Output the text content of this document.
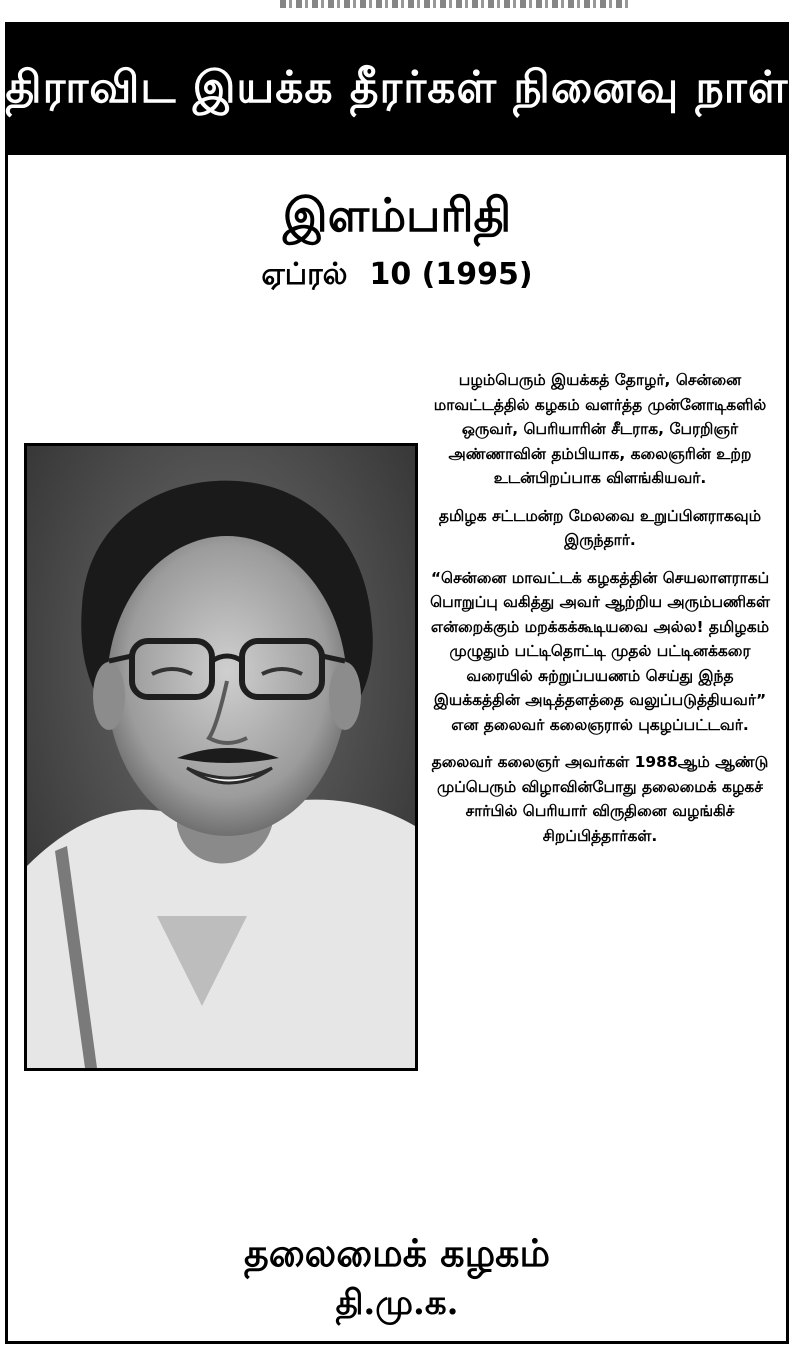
திராவிட இயக்க தீரர்கள் நினைவு நாள்
இளம்பரிதி
ஏப்ரல் 10 (1995)

பழம்பெரும் இயக்கத் தோழர், சென்னை மாவட்டத்தில் கழகம் வளர்த்த முன்னோடிகளில் ஒருவர், பெரியாரின் சீடராக, பேரறிஞர் அண்ணாவின் தம்பியாக, கலைஞரின் உற்ற உடன்பிறப்பாக விளங்கியவர்.

தமிழக சட்டமன்ற மேலவை உறுப்பினராகவும் இருந்தார்.

“சென்னை மாவட்டக் கழகத்தின் செயலாளராகப் பொறுப்பு வகித்து அவர் ஆற்றிய அரும்பணிகள் என்றைக்கும் மறக்கக்கூடியவை அல்ல! தமிழகம் முழுதும் பட்டிதொட்டி முதல் பட்டினக்கரை வரையில் சுற்றுப்பயணம் செய்து இந்த இயக்கத்தின் அடித்தளத்தை வலுப்படுத்தியவர்” என தலைவர் கலைஞரால் புகழப்பட்டவர்.

தலைவர் கலைஞர் அவர்கள் 1988ஆம் ஆண்டு முப்பெரும் விழாவின்போது தலைமைக் கழகச் சார்பில் பெரியார் விருதினை வழங்கிச் சிறப்பித்தார்கள்.

தலைமைக் கழகம்
தி.மு.க.
